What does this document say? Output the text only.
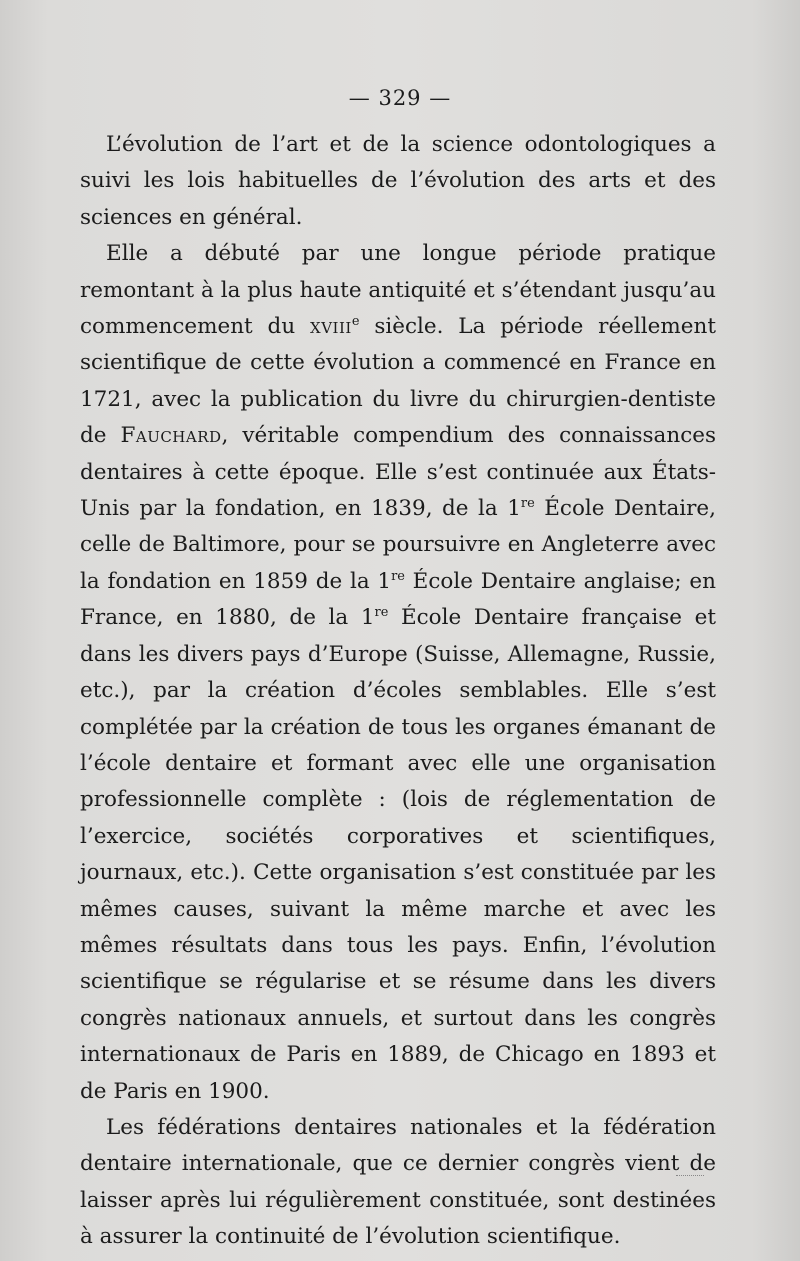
— 329 —

L’évolution de l’art et de la science odontologiques a suivi les lois habituelles de l’évolution des arts et des sciences en général.

Elle a débuté par une longue période pratique remontant à la plus haute antiquité et s’étendant jusqu’au commencement du xviii$^e$ siècle. La période réellement scientifique de cette évolution a commencé en France en 1721, avec la publication du livre du chirurgien-dentiste de Fauchard, véritable compendium des connaissances dentaires à cette époque. Elle s’est continuée aux États-Unis par la fondation, en 1839, de la 1re École Dentaire, celle de Baltimore, pour se poursuivre en Angleterre avec la fondation en 1859 de la 1re École Dentaire anglaise; en France, en 1880, de la 1re École Dentaire française et dans les divers pays d’Europe (Suisse, Allemagne, Russie, etc.), par la création d’écoles semblables. Elle s’est complétée par la création de tous les organes émanant de l’école dentaire et formant avec elle une organisation professionnelle complète : (lois de réglementation de l’exercice, sociétés corporatives et scientifiques, journaux, etc.). Cette organisation s’est constituée par les mêmes causes, suivant la même marche et avec les mêmes résultats dans tous les pays. Enfin, l’évolution scientifique se régularise et se résume dans les divers congrès nationaux annuels, et surtout dans les congrès internationaux de Paris en 1889, de Chicago en 1893 et de Paris en 1900.

Les fédérations dentaires nationales et la fédération dentaire internationale, que ce dernier congrès vient de laisser après lui régulièrement constituée, sont destinées à assurer la continuité de l’évolution scientifique.
